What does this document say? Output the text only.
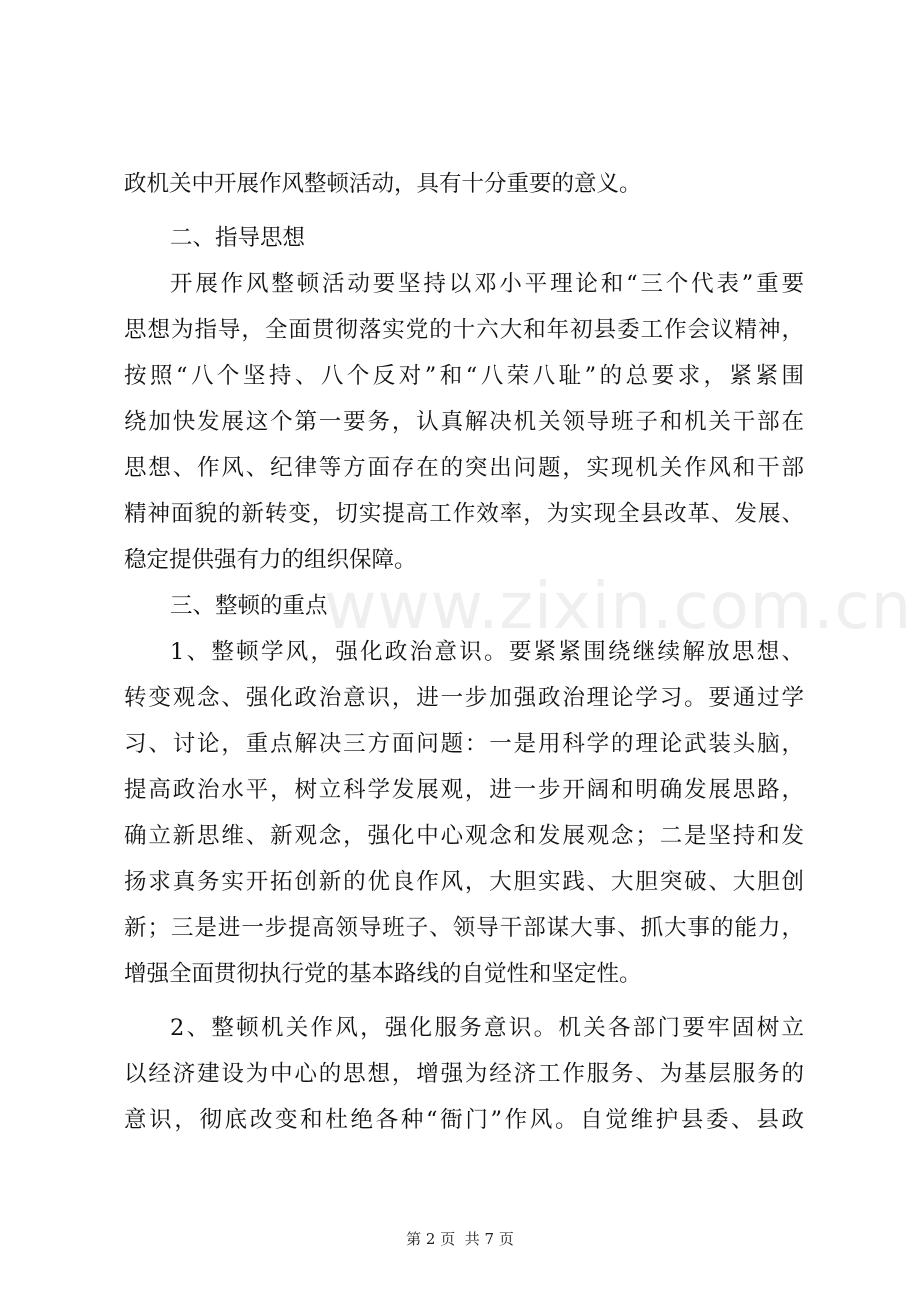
政机关中开展作风整顿活动，具有十分重要的意义。
二、指导思想
开展作风整顿活动要坚持以邓小平理论和“三个代表”重要
思想为指导，全面贯彻落实党的十六大和年初县委工作会议精神，
按照“八个坚持、八个反对”和“八荣八耻”的总要求，紧紧围
绕加快发展这个第一要务，认真解决机关领导班子和机关干部在
思想、作风、纪律等方面存在的突出问题，实现机关作风和干部
精神面貌的新转变，切实提高工作效率，为实现全县改革、发展、
稳定提供强有力的组织保障。
三、整顿的重点
1、整顿学风，强化政治意识。要紧紧围绕继续解放思想、
转变观念、强化政治意识，进一步加强政治理论学习。要通过学
习、讨论，重点解决三方面问题：一是用科学的理论武装头脑，
提高政治水平，树立科学发展观，进一步开阔和明确发展思路，
确立新思维、新观念，强化中心观念和发展观念；二是坚持和发
扬求真务实开拓创新的优良作风，大胆实践、大胆突破、大胆创
新；三是进一步提高领导班子、领导干部谋大事、抓大事的能力，
增强全面贯彻执行党的基本路线的自觉性和坚定性。
2、整顿机关作风，强化服务意识。机关各部门要牢固树立
以经济建设为中心的思想，增强为经济工作服务、为基层服务的
意识，彻底改变和杜绝各种“衙门”作风。自觉维护县委、县政
www.zixin.com.cn
第 2 页  共 7 页
